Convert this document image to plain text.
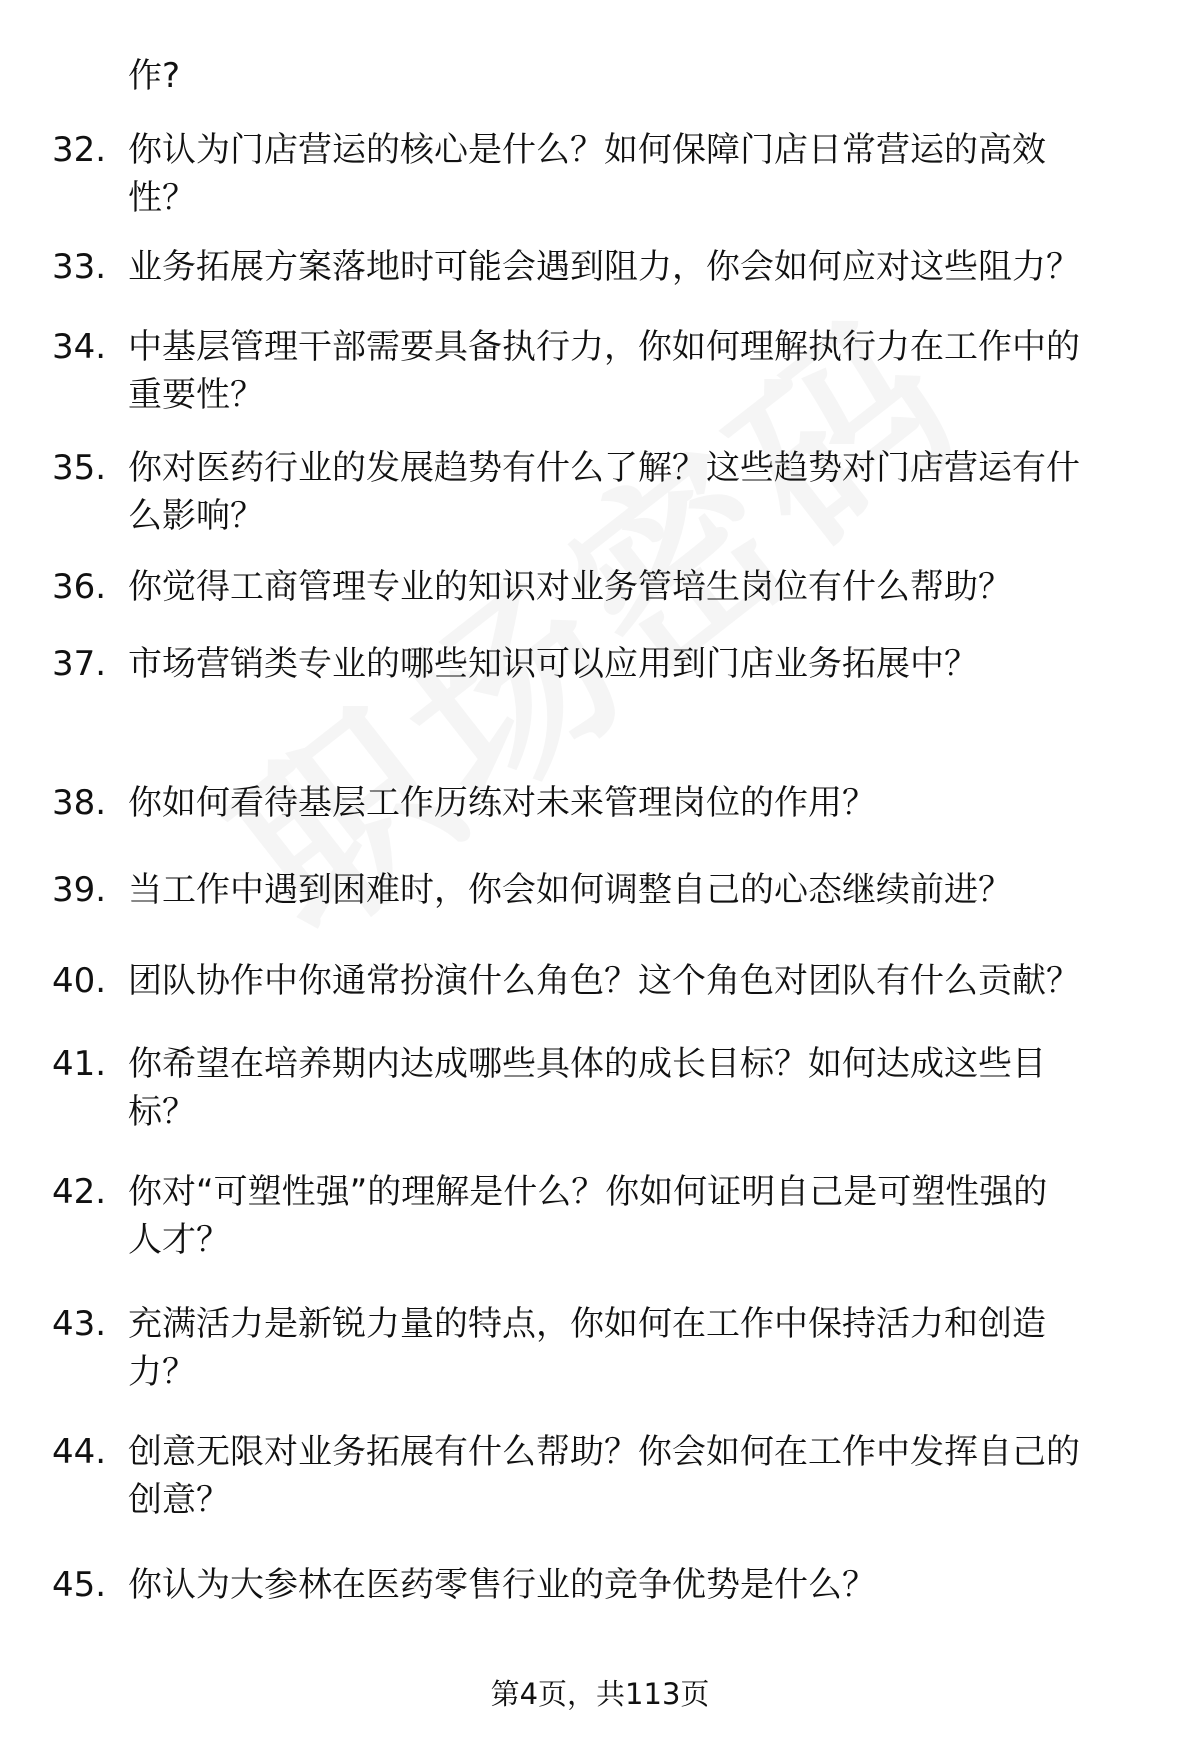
作?
32. 你认为门店营运的核心是什么？如何保障门店日常营运的高效
性？
33. 业务拓展方案落地时可能会遇到阻力，你会如何应对这些阻力？
34. 中基层管理干部需要具备执行力，你如何理解执行力在工作中的
重要性？
35. 你对医药行业的发展趋势有什么了解？这些趋势对门店营运有什
么影响？
36. 你觉得工商管理专业的知识对业务管培生岗位有什么帮助？
37. 市场营销类专业的哪些知识可以应用到门店业务拓展中？
38. 你如何看待基层工作历练对未来管理岗位的作用？
39. 当工作中遇到困难时，你会如何调整自己的心态继续前进？
40. 团队协作中你通常扮演什么角色？这个角色对团队有什么贡献？
41. 你希望在培养期内达成哪些具体的成长目标？如何达成这些目
标？
42. 你对“可塑性强”的理解是什么？你如何证明自己是可塑性强的
人才？
43. 充满活力是新锐力量的特点，你如何在工作中保持活力和创造
力？
44. 创意无限对业务拓展有什么帮助？你会如何在工作中发挥自己的
创意？
45. 你认为大参林在医药零售行业的竞争优势是什么？
第4页，共113页
